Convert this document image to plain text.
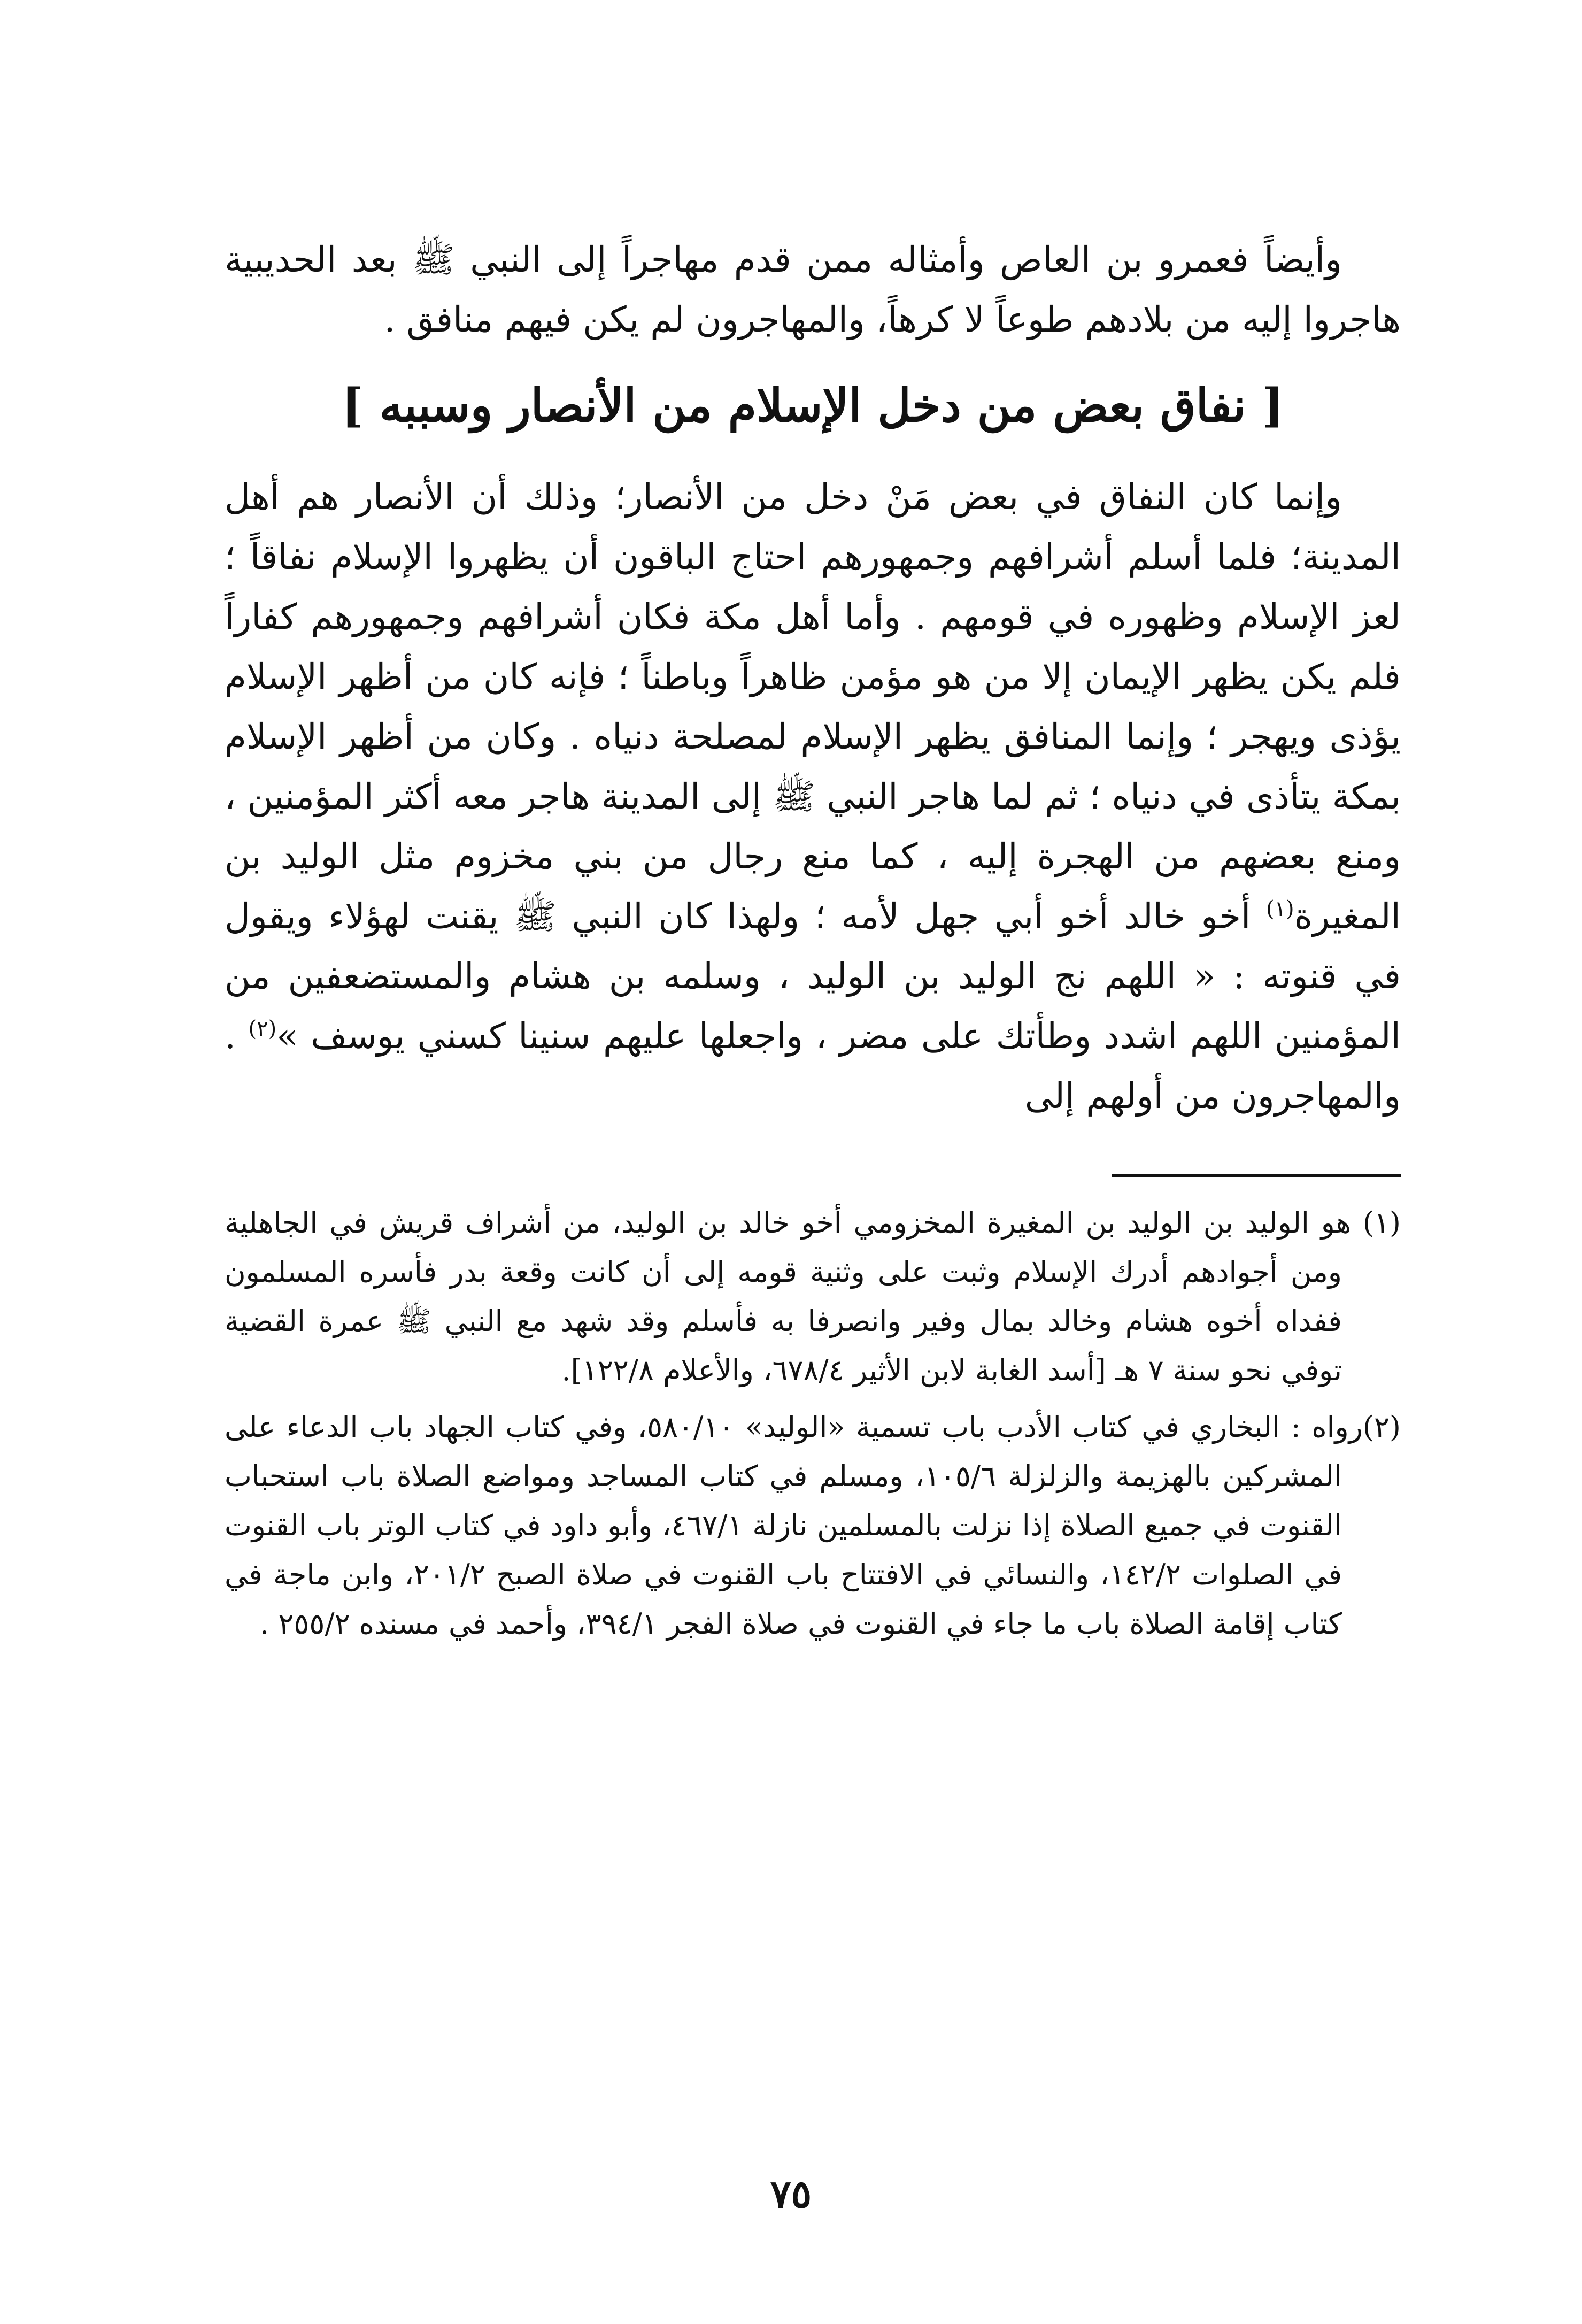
وأيضاً فعمرو بن العاص وأمثاله ممن قدم مهاجراً إلى النبي ﷺ بعد الحديبية هاجروا إليه من بلادهم طوعاً لا كرهاً، والمهاجرون لم يكن فيهم منافق .

[ نفاق بعض من دخل الإسلام من الأنصار وسببه ]

وإنما كان النفاق في بعض مَنْ دخل من الأنصار؛ وذلك أن الأنصار هم أهل المدينة؛ فلما أسلم أشرافهم وجمهورهم احتاج الباقون أن يظهروا الإسلام نفاقاً ؛ لعز الإسلام وظهوره في قومهم . وأما أهل مكة فكان أشرافهم وجمهورهم كفاراً فلم يكن يظهر الإيمان إلا من هو مؤمن ظاهراً وباطناً ؛ فإنه كان من أظهر الإسلام يؤذى ويهجر ؛ وإنما المنافق يظهر الإسلام لمصلحة دنياه . وكان من أظهر الإسلام بمكة يتأذى في دنياه ؛ ثم لما هاجر النبي ﷺ إلى المدينة هاجر معه أكثر المؤمنين ، ومنع بعضهم من الهجرة إليه ، كما منع رجال من بني مخزوم مثل الوليد بن المغيرة$^{(١)}$ أخو خالد أخو أبي جهل لأمه ؛ ولهذا كان النبي ﷺ يقنت لهؤلاء ويقول في قنوته : « اللهم نج الوليد بن الوليد ، وسلمه بن هشام والمستضعفين من المؤمنين اللهم اشدد وطأتك على مضر ، واجعلها عليهم سنينا كسني يوسف »$^{(٢)}$ . والمهاجرون من أولهم إلى

(١) هو الوليد بن الوليد بن المغيرة المخزومي أخو خالد بن الوليد، من أشراف قريش في الجاهلية ومن أجوادهم أدرك الإسلام وثبت على وثنية قومه إلى أن كانت وقعة بدر فأسره المسلمون ففداه أخوه هشام وخالد بمال وفير وانصرفا به فأسلم وقد شهد مع النبي ﷺ عمرة القضية توفي نحو سنة ٧ هـ [أسد الغابة لابن الأثير ٦٧٨/٤، والأعلام ١٢٢/٨].

(٢)رواه : البخاري في كتاب الأدب باب تسمية «الوليد» ٥٨٠/١٠، وفي كتاب الجهاد باب الدعاء على المشركين بالهزيمة والزلزلة ١٠٥/٦، ومسلم في كتاب المساجد ومواضع الصلاة باب استحباب القنوت في جميع الصلاة إذا نزلت بالمسلمين نازلة ٤٦٧/١، وأبو داود في كتاب الوتر باب القنوت في الصلوات ١٤٢/٢، والنسائي في الافتتاح باب القنوت في صلاة الصبح ٢٠١/٢، وابن ماجة في كتاب إقامة الصلاة باب ما جاء في القنوت في صلاة الفجر ٣٩٤/١، وأحمد في مسنده ٢٥٥/٢ .

٧٥
